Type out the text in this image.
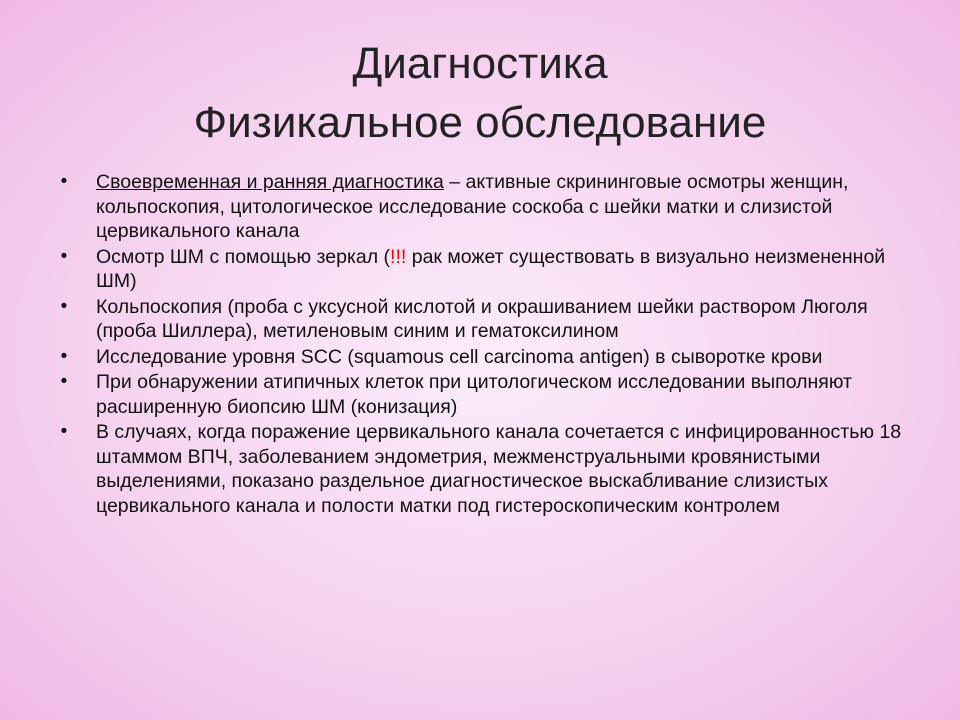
Диагностика
Физикальное обследование
•	Своевременная и ранняя диагностика – активные скрининговые осмотры женщин, кольпоскопия, цитологическое исследование соскоба с шейки матки и слизистой цервикального канала
•	Осмотр ШМ с помощью зеркал (!!! рак может существовать в визуально неизмененной ШМ)
•	Кольпоскопия (проба с уксусной кислотой и окрашиванием шейки раствором Люголя (проба Шиллера), метиленовым синим и гематоксилином
•	Исследование уровня SCC (squamous cell carcinoma antigen) в сыворотке крови
•	При обнаружении атипичных клеток при цитологическом исследовании выполняют расширенную биопсию ШМ (конизация)
•	В случаях, когда поражение цервикального канала сочетается с инфицированностью 18 штаммом ВПЧ, заболеванием эндометрия, межменструальными кровянистыми выделениями, показано раздельное диагностическое выскабливание слизистых цервикального канала и полости матки под гистероскопическим контролем
